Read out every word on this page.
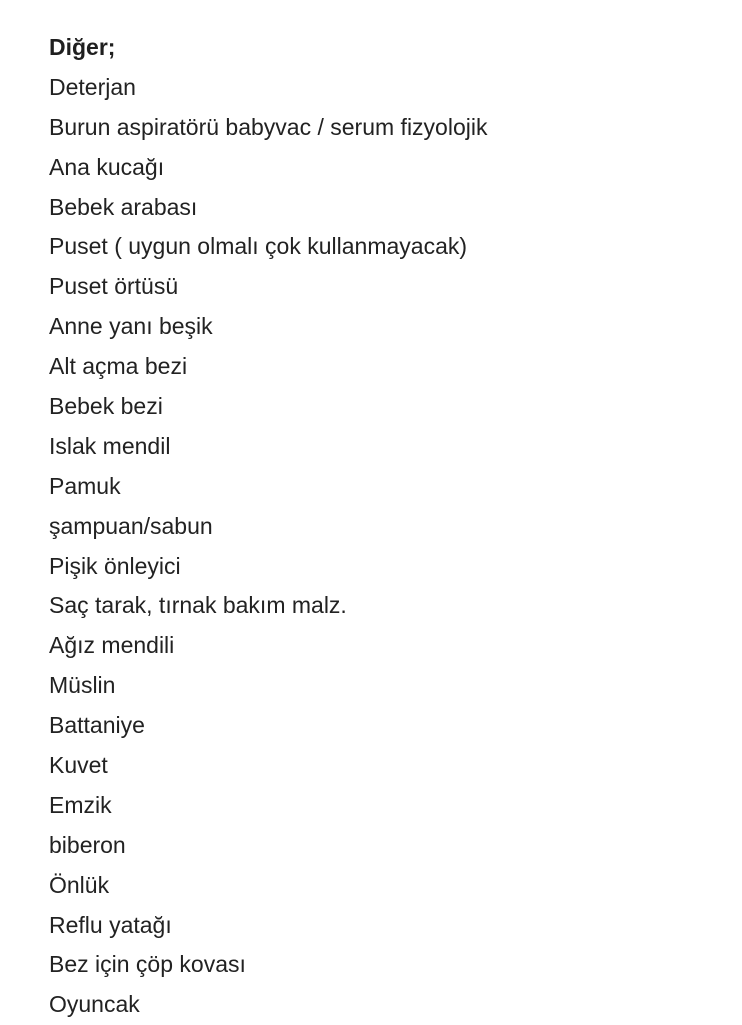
Diğer;
Deterjan
Burun aspiratörü babyvac / serum fizyolojik
Ana kucağı
Bebek arabası
Puset ( uygun olmalı çok kullanmayacak)
Puset örtüsü
Anne yanı beşik
Alt açma bezi
Bebek bezi
Islak mendil
Pamuk
şampuan/sabun
Pişik önleyici
Saç tarak, tırnak bakım malz.
Ağız mendili
Müslin
Battaniye
Kuvet
Emzik
biberon
Önlük
Reflu yatağı
Bez için çöp kovası
Oyuncak
